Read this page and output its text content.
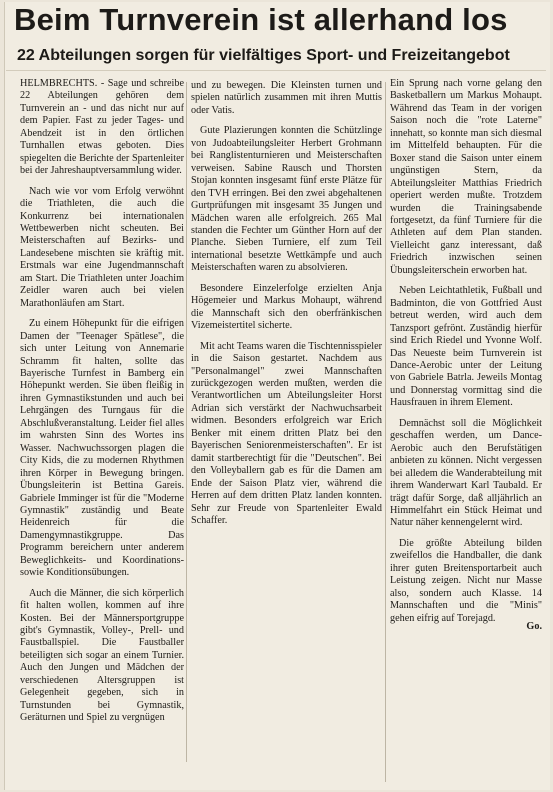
Beim Turnverein ist allerhand los
22 Abteilungen sorgen für vielfältiges Sport- und Freizeitangebot

HELMBRECHTS. - Sage und schreibe 22 Abteilungen gehören dem Turnverein an - und das nicht nur auf dem Papier. Fast zu jeder Tages- und Abendzeit ist in den örtlichen Turnhallen etwas geboten. Dies spiegelten die Berichte der Spartenleiter bei der Jahreshauptversammlung wider.

Nach wie vor vom Erfolg verwöhnt die Triathleten, die auch die Konkurrenz bei internationalen Wettbewerben nicht scheuten. Bei Meisterschaften auf Bezirks- und Landesebene mischten sie kräftig mit. Erstmals war eine Jugendmannschaft am Start. Die Triathleten unter Joachim Zeidler waren auch bei vielen Marathonläufen am Start.

Zu einem Höhepunkt für die eifrigen Damen der "Teenager Spätlese", die sich unter Leitung von Annemarie Schramm fit halten, sollte das Bayerische Turnfest in Bamberg ein Höhepunkt werden. Sie üben fleißig in ihren Gymnastikstunden und auch bei Lehrgängen des Turngaus für die Abschlußveranstaltung. Leider fiel alles im wahrsten Sinn des Wortes ins Wasser. Nachwuchssorgen plagen die City Kids, die zu modernen Rhythmen ihren Körper in Bewegung bringen. Übungsleiterin ist Bettina Gareis. Gabriele Imminger ist für die "Moderne Gymnastik" zuständig und Beate Heidenreich für die Damengymnastikgruppe. Das Programm bereichern unter anderem Beweglichkeits- und Koordinations- sowie Konditionsübungen.

Auch die Männer, die sich körperlich fit halten wollen, kommen auf ihre Kosten. Bei der Männersportgruppe gibt's Gymnastik, Volley-, Prell- und Faustballspiel. Die Faustballer beteiligten sich sogar an einem Turnier. Auch den Jungen und Mädchen der verschiedenen Altersgruppen ist Gelegenheit gegeben, sich in Turnstunden bei Gymnastik, Geräturnen und Spiel zu vergnügen

und zu bewegen. Die Kleinsten turnen und spielen natürlich zusammen mit ihren Muttis oder Vatis.

Gute Plazierungen konnten die Schützlinge von Judoabteilungsleiter Herbert Grohmann bei Ranglistenturnieren und Meisterschaften verweisen. Sabine Rausch und Thorsten Stojan konnten insgesamt fünf erste Plätze für den TVH erringen. Bei den zwei abgehaltenen Gurtprüfungen mit insgesamt 35 Jungen und Mädchen waren alle erfolgreich. 265 Mal standen die Fechter um Günther Horn auf der Planche. Sieben Turniere, elf zum Teil international besetzte Wettkämpfe und auch Meisterschaften waren zu absolvieren.

Besondere Einzelerfolge erzielten Anja Högemeier und Markus Mohaupt, während die Mannschaft sich den oberfränkischen Vizemeistertitel sicherte.

Mit acht Teams waren die Tischtennisspieler in die Saison gestartet. Nachdem aus "Personalmangel" zwei Mannschaften zurückgezogen werden mußten, werden die Verantwortlichen um Abteilungsleiter Horst Adrian sich verstärkt der Nachwuchsarbeit widmen. Besonders erfolgreich war Erich Benker mit einem dritten Platz bei den Bayerischen Seniorenmeisterschaften". Er ist damit startberechtigt für die "Deutschen". Bei den Volleyballern gab es für die Damen am Ende der Saison Platz vier, während die Herren auf dem dritten Platz landen konnten. Sehr zur Freude von Spartenleiter Ewald Schaffer.

Ein Sprung nach vorne gelang den Basketballern um Markus Mohaupt. Während das Team in der vorigen Saison noch die "rote Laterne" innehatt, so konnte man sich diesmal im Mittelfeld behaupten. Für die Boxer stand die Saison unter einem ungünstigen Stern, da Abteilungsleiter Matthias Friedrich operiert werden mußte. Trotzdem wurden die Trainingsabende fortgesetzt, da fünf Turniere für die Athleten auf dem Plan standen. Vielleicht ganz interessant, daß Friedrich inzwischen seinen Übungsleiterschein erworben hat.

Neben Leichtathletik, Fußball und Badminton, die von Gottfried Aust betreut werden, wird auch dem Tanzsport gefrönt. Zuständig hierfür sind Erich Riedel und Yvonne Wolf. Das Neueste beim Turnverein ist Dance-Aerobic unter der Leitung von Gabriele Batrla. Jeweils Montag und Donnerstag vormittag sind die Hausfrauen in ihrem Element.

Demnächst soll die Möglichkeit geschaffen werden, um Dance-Aerobic auch den Berufstätigen anbieten zu können. Nicht vergessen bei alledem die Wanderabteilung mit ihrem Wanderwart Karl Taubald. Er trägt dafür Sorge, daß alljährlich an Himmelfahrt ein Stück Heimat und Natur näher kennengelernt wird.

Die größte Abteilung bilden zweifellos die Handballer, die dank ihrer guten Breitensportarbeit auch Leistung zeigen. Nicht nur Masse also, sondern auch Klasse. 14 Mannschaften und die "Minis" gehen eifrig auf Torejagd.

Go.
